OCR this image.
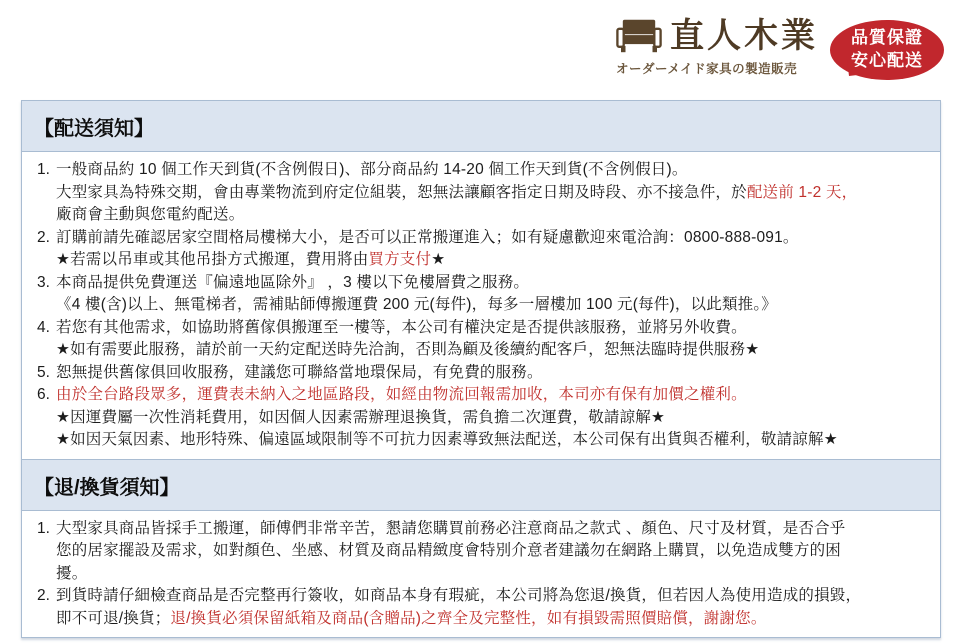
直人木業
オーダーメイド家具の製造販売
品質保證
安心配送
【配送須知】
1. 一般商品約 10 個工作天到貨(不含例假日)、部分商品約 14-20 個工作天到貨(不含例假日)。
大型家具為特殊交期，會由專業物流到府定位組裝，恕無法讓顧客指定日期及時段、亦不接急件，於配送前 1-2 天，
廠商會主動與您電約配送。
2. 訂購前請先確認居家空間格局樓梯大小，是否可以正常搬運進入；如有疑慮歡迎來電洽詢：0800-888-091。
★若需以吊車或其他吊掛方式搬運，費用將由買方支付★
3. 本商品提供免費運送『偏遠地區除外』 ，3 樓以下免樓層費之服務。
《4 樓(含)以上、無電梯者，需補貼師傅搬運費 200 元(每件)，每多一層樓加 100 元(每件)，以此類推。》
4. 若您有其他需求，如協助將舊傢俱搬運至一樓等，本公司有權決定是否提供該服務，並將另外收費。
★如有需要此服務，請於前一天約定配送時先洽詢，否則為顧及後續約配客戶，恕無法臨時提供服務★
5. 恕無提供舊傢俱回收服務，建議您可聯絡當地環保局，有免費的服務。
6. 由於全台路段眾多，運費表未納入之地區路段，如經由物流回報需加收，本司亦有保有加價之權利。
★因運費屬一次性消耗費用，如因個人因素需辦理退換貨，需負擔二次運費，敬請諒解★
★如因天氣因素、地形特殊、偏遠區域限制等不可抗力因素導致無法配送，本公司保有出貨與否權利，敬請諒解★
【退/換貨須知】
1. 大型家具商品皆採手工搬運，師傅們非常辛苦，懇請您購買前務必注意商品之款式 、顏色、尺寸及材質，是否合乎
您的居家擺設及需求，如對顏色、坐感、材質及商品精緻度會特別介意者建議勿在網路上購買，以免造成雙方的困
擾。
2. 到貨時請仔細檢查商品是否完整再行簽收，如商品本身有瑕疵，本公司將為您退/換貨，但若因人為使用造成的損毀，
即不可退/換貨；退/換貨必須保留紙箱及商品(含贈品)之齊全及完整性，如有損毀需照價賠償，謝謝您。
